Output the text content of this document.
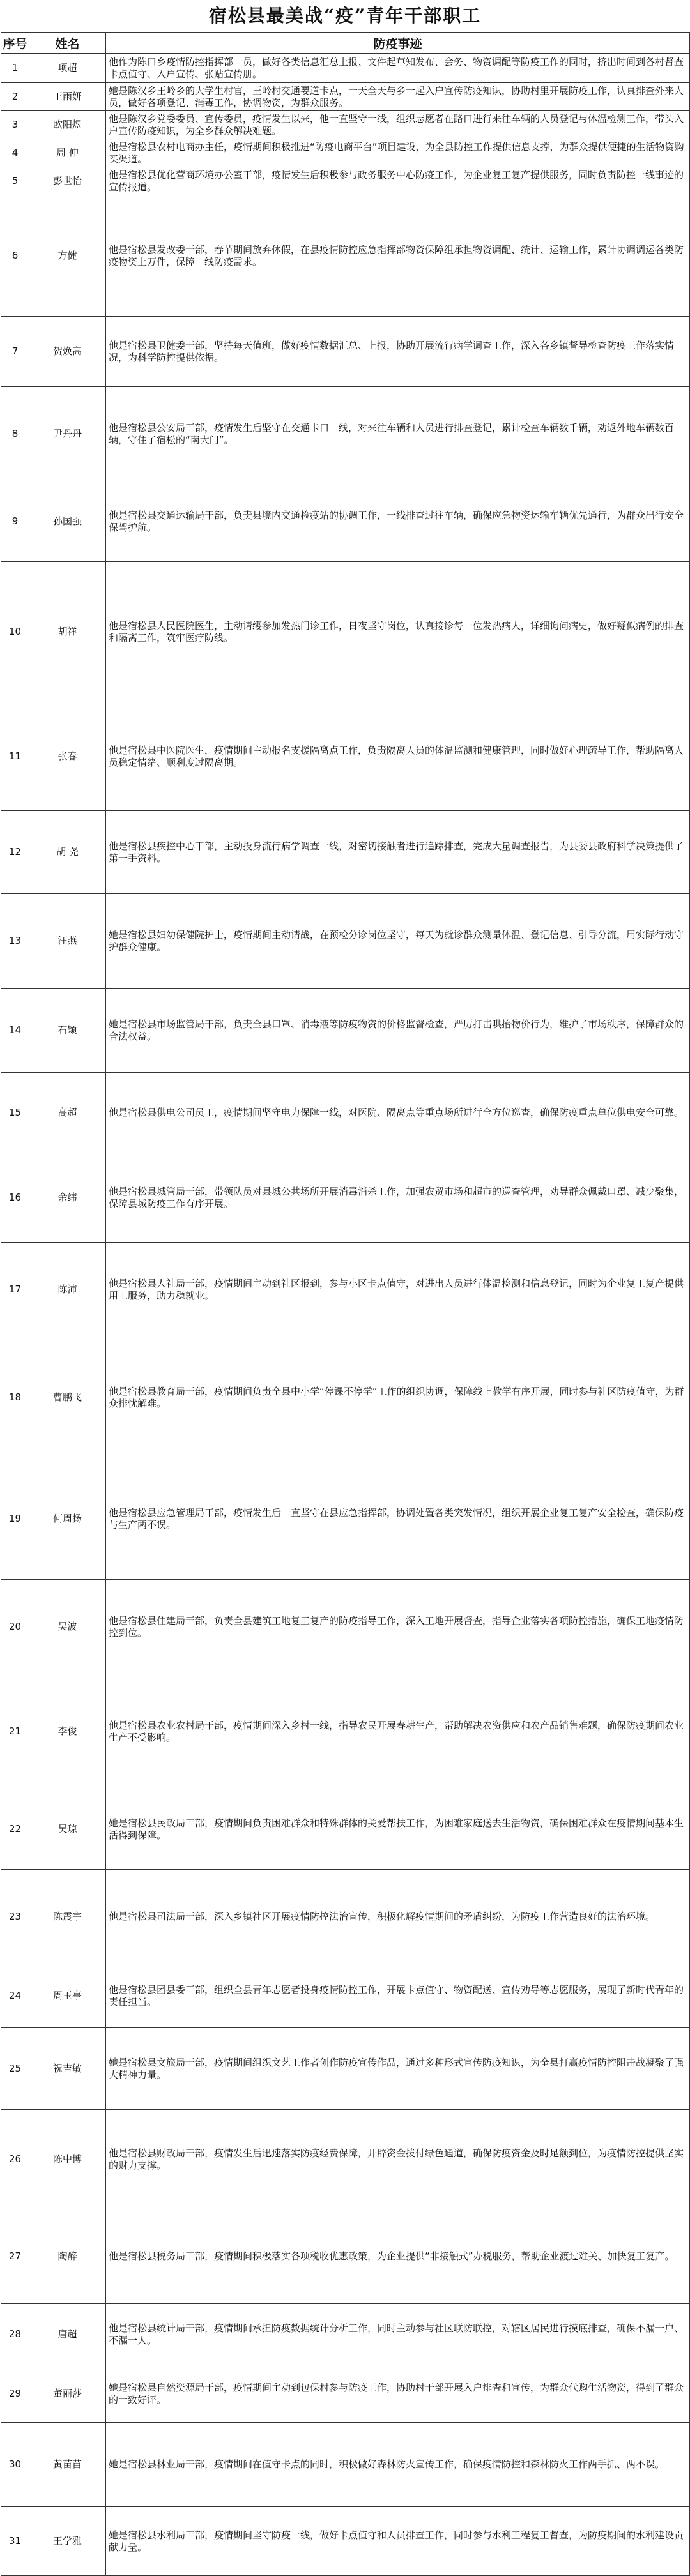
宿松县最美战“疫”青年干部职工
序号	姓名	防疫事迹
1	项超	他作为陈口乡疫情防控指挥部一员，做好各类信息汇总上报、文件起草知发布、会务、物资调配等防疫工作的同时，挤出时间到各村督查卡点值守、入户宣传、张贴宣传册。

2	王雨妍	她是陈汉乡王岭乡的大学生村官，王岭村交通要道卡点，一天全天与乡一起入户宣传防疫知识，协助村里开展防疫工作，认真排查外来人员，做好各项登记、消毒工作，协调物资，为群众服务。

3	欧阳煜	他是陈汉乡党委委员、宣传委员，疫情发生以来，他一直坚守一线，组织志愿者在路口进行来往车辆的人员登记与体温检测工作，带头入户宣传防疫知识，为全乡群众解决难题。

4	周 仲	他是宿松县农村电商办主任，疫情期间积极推进“防疫电商平台”项目建设，为全县防控工作提供信息支撑，为群众提供便捷的生活物资购买渠道。

5	彭世怡	他是宿松县优化营商环境办公室干部，疫情发生后积极参与政务服务中心防疫工作，为企业复工复产提供服务，同时负责防控一线事迹的宣传报道。

6	方健	他是宿松县发改委干部，春节期间放弃休假，在县疫情防控应急指挥部物资保障组承担物资调配、统计、运输工作，累计协调调运各类防疫物资上万件，保障一线防疫需求。

7	贺焕高	他是宿松县卫健委干部，坚持每天值班，做好疫情数据汇总、上报，协助开展流行病学调查工作，深入各乡镇督导检查防疫工作落实情况，为科学防控提供依据。

8	尹丹丹	他是宿松县公安局干部，疫情发生后坚守在交通卡口一线，对来往车辆和人员进行排查登记，累计检查车辆数千辆，劝返外地车辆数百辆，守住了宿松的“南大门”。

9	孙国强	他是宿松县交通运输局干部，负责县境内交通检疫站的协调工作，一线排查过往车辆，确保应急物资运输车辆优先通行，为群众出行安全保驾护航。

10	胡祥	他是宿松县人民医院医生，主动请缨参加发热门诊工作，日夜坚守岗位，认真接诊每一位发热病人，详细询问病史，做好疑似病例的排查和隔离工作，筑牢医疗防线。

11	张春	他是宿松县中医院医生，疫情期间主动报名支援隔离点工作，负责隔离人员的体温监测和健康管理，同时做好心理疏导工作，帮助隔离人员稳定情绪、顺利度过隔离期。

12	胡 尧	他是宿松县疾控中心干部，主动投身流行病学调查一线，对密切接触者进行追踪排查，完成大量调查报告，为县委县政府科学决策提供了第一手资料。

13	汪燕	她是宿松县妇幼保健院护士，疫情期间主动请战，在预检分诊岗位坚守，每天为就诊群众测量体温、登记信息、引导分流，用实际行动守护群众健康。

14	石颖	她是宿松县市场监管局干部，负责全县口罩、消毒液等防疫物资的价格监督检查，严厉打击哄抬物价行为，维护了市场秩序，保障群众的合法权益。

15	高超	他是宿松县供电公司员工，疫情期间坚守电力保障一线，对医院、隔离点等重点场所进行全方位巡查，确保防疫重点单位供电安全可靠。

16	余纬	他是宿松县城管局干部，带领队员对县城公共场所开展消毒消杀工作，加强农贸市场和超市的巡查管理，劝导群众佩戴口罩、减少聚集，保障县城防疫工作有序开展。

17	陈沛	他是宿松县人社局干部，疫情期间主动到社区报到，参与小区卡点值守，对进出人员进行体温检测和信息登记，同时为企业复工复产提供用工服务，助力稳就业。

18	曹鹏飞	他是宿松县教育局干部，疫情期间负责全县中小学“停课不停学”工作的组织协调，保障线上教学有序开展，同时参与社区防疫值守，为群众排忧解难。

19	何周扬	他是宿松县应急管理局干部，疫情发生后一直坚守在县应急指挥部，协调处置各类突发情况，组织开展企业复工复产安全检查，确保防疫与生产两不误。

20	吴波	他是宿松县住建局干部，负责全县建筑工地复工复产的防疫指导工作，深入工地开展督查，指导企业落实各项防控措施，确保工地疫情防控到位。

21	李俊	他是宿松县农业农村局干部，疫情期间深入乡村一线，指导农民开展春耕生产，帮助解决农资供应和农产品销售难题，确保防疫期间农业生产不受影响。

22	吴琼	她是宿松县民政局干部，疫情期间负责困难群众和特殊群体的关爱帮扶工作，为困难家庭送去生活物资，确保困难群众在疫情期间基本生活得到保障。

23	陈震宇	他是宿松县司法局干部，深入乡镇社区开展疫情防控法治宣传，积极化解疫情期间的矛盾纠纷，为防疫工作营造良好的法治环境。

24	周玉亭	他是宿松县团县委干部，组织全县青年志愿者投身疫情防控工作，开展卡点值守、物资配送、宣传劝导等志愿服务，展现了新时代青年的责任担当。

25	祝吉敏	她是宿松县文旅局干部，疫情期间组织文艺工作者创作防疫宣传作品，通过多种形式宣传防疫知识，为全县打赢疫情防控阻击战凝聚了强大精神力量。

26	陈中博	他是宿松县财政局干部，疫情发生后迅速落实防疫经费保障，开辟资金拨付绿色通道，确保防疫资金及时足额到位，为疫情防控提供坚实的财力支撑。

27	陶醉	他是宿松县税务局干部，疫情期间积极落实各项税收优惠政策，为企业提供“非接触式”办税服务，帮助企业渡过难关、加快复工复产。

28	唐超	他是宿松县统计局干部，疫情期间承担防疫数据统计分析工作，同时主动参与社区联防联控，对辖区居民进行摸底排查，确保不漏一户、不漏一人。

29	董丽莎	她是宿松县自然资源局干部，疫情期间主动到包保村参与防疫工作，协助村干部开展入户排查和宣传，为群众代购生活物资，得到了群众的一致好评。

30	黄苗苗	她是宿松县林业局干部，疫情期间在值守卡点的同时，积极做好森林防火宣传工作，确保疫情防控和森林防火工作两手抓、两不误。

31	王学雅	她是宿松县水利局干部，疫情期间坚守防疫一线，做好卡点值守和人员排查工作，同时参与水利工程复工督查，为防疫期间的水利建设贡献力量。
